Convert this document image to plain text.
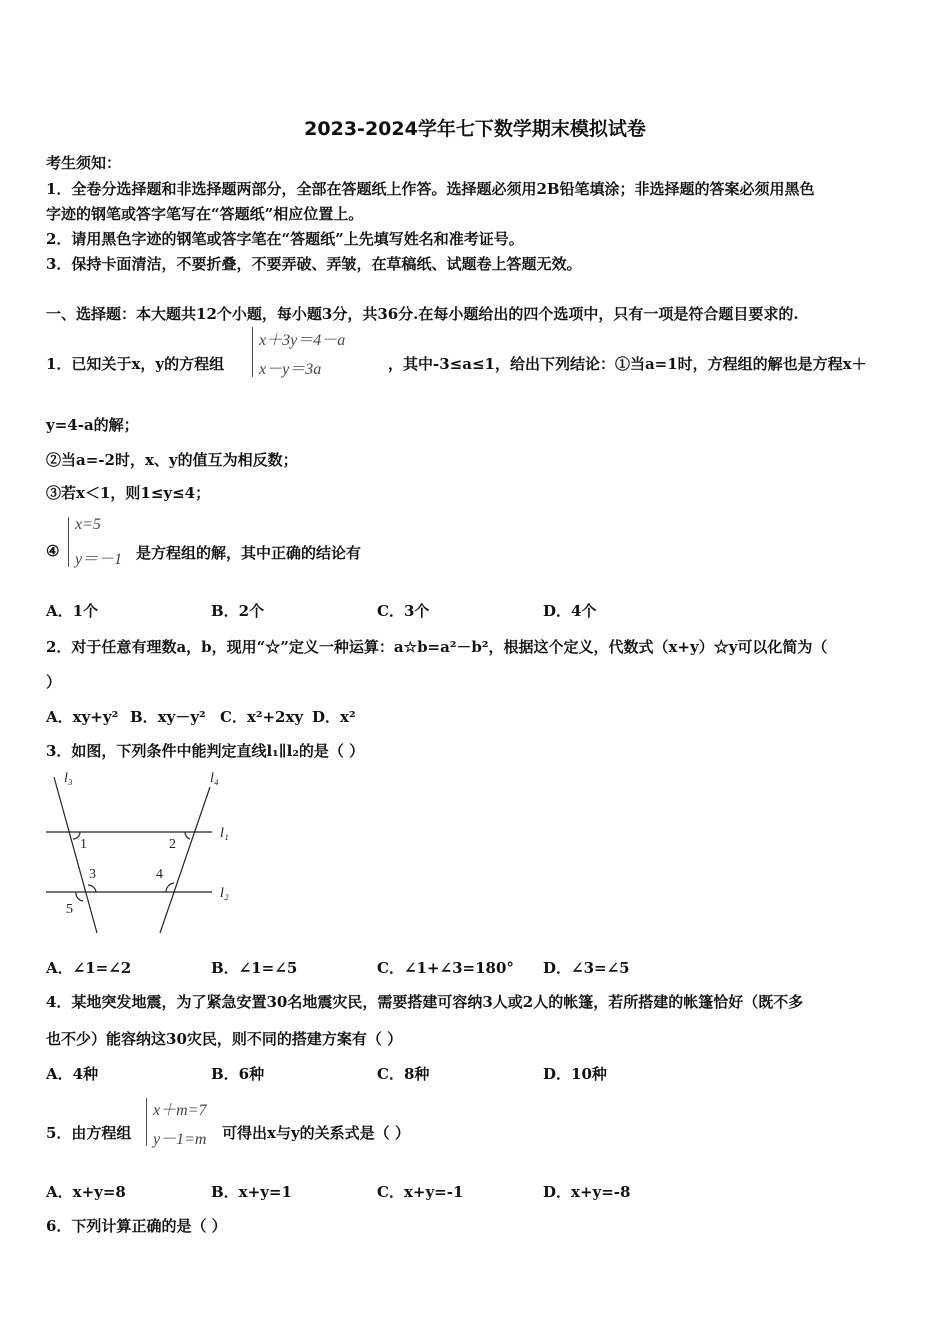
2023-2024学年七下数学期末模拟试卷
考生须知：
1．全卷分选择题和非选择题两部分，全部在答题纸上作答。选择题必须用2B铅笔填涂；非选择题的答案必须用黑色
字迹的钢笔或答字笔写在“答题纸”相应位置上。
2．请用黑色字迹的钢笔或答字笔在“答题纸”上先填写姓名和准考证号。
3．保持卡面清洁，不要折叠，不要弄破、弄皱，在草稿纸、试题卷上答题无效。
一、选择题：本大题共12个小题，每小题3分，共36分.在每小题给出的四个选项中，只有一项是符合题目要求的.
1．已知关于x，y的方程组
x＋3y＝4－a
x－y＝3a	，其中-3≤a≤1，给出下列结论：①当a=1时，方程组的解也是方程x＋
y=4-a的解；
②当a=-2时，x、y的值互为相反数；
③若x＜1，则1≤y≤4；
④
x=5
y＝－1 是方程组的解，其中正确的结论有
A．1个	B．2个	C．3个	D．4个
2．对于任意有理数a，b，现用“☆”定义一种运算：a☆b=a²－b²，根据这个定义，代数式（x+y）☆y可以化简为（
）
A．xy+y² B．xy－y² C．x²+2xy D．x²
3．如图，下列条件中能判定直线l₁∥l₂的是（ ）
l₃	l₄
l₁
l₂
1	2
3	4
5
A．∠1=∠2	B．∠1=∠5	C．∠1+∠3=180° D．∠3=∠5
4．某地突发地震，为了紧急安置30名地震灾民，需要搭建可容纳3人或2人的帐篷，若所搭建的帐篷恰好（既不多
也不少）能容纳这30灾民，则不同的搭建方案有（ ）
A．4种	B．6种	C．8种	D．10种
5．由方程组
x＋m=7
y－1=m 可得出x与y的关系式是（ ）
A．x+y=8	B．x+y=1	C．x+y=-1	D．x+y=-8
6．下列计算正确的是（ ）
